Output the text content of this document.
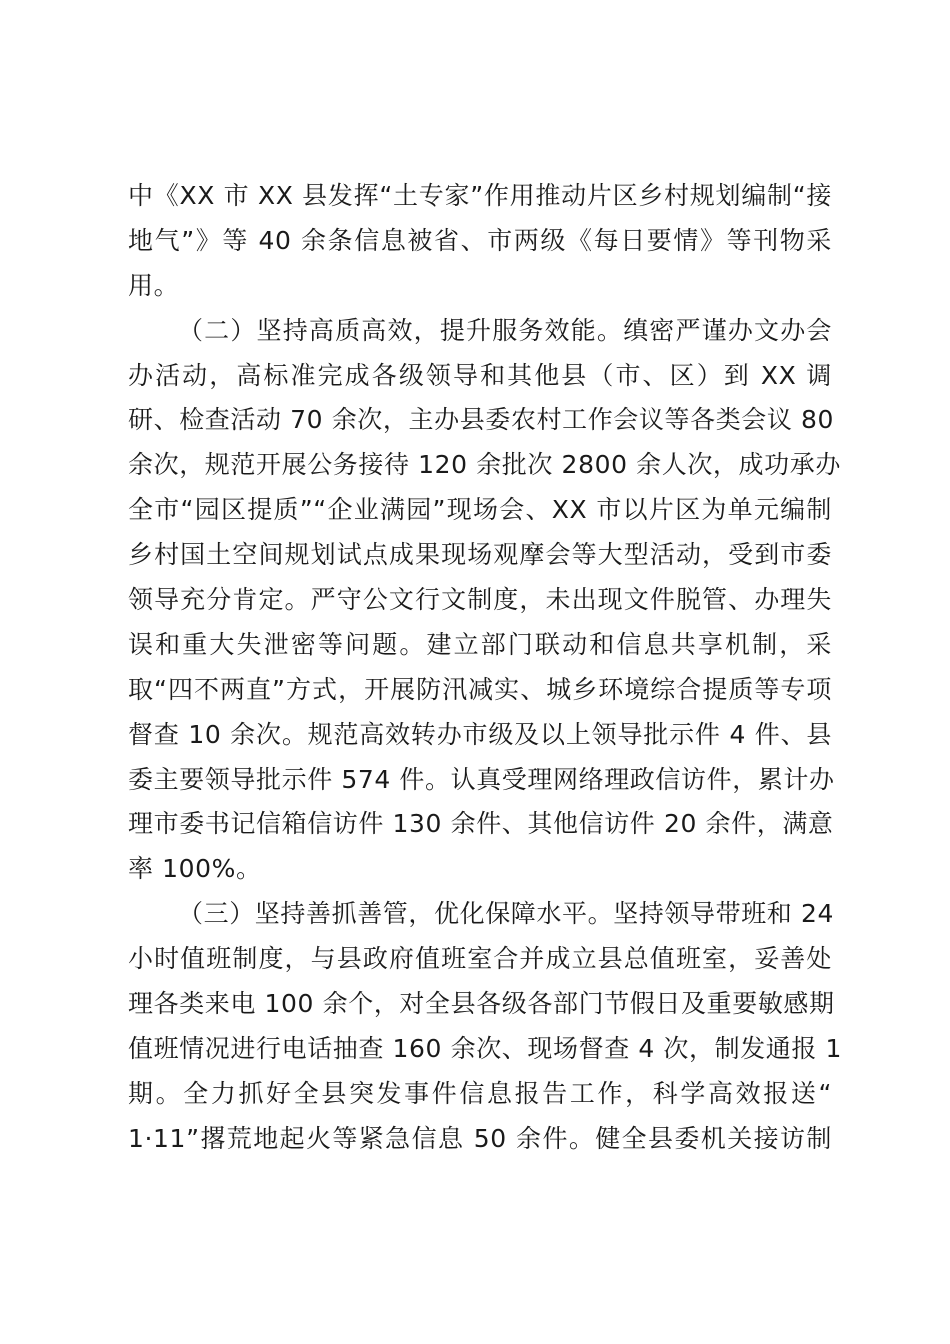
中《XX 市 XX 县发挥“土专家”作用推动片区乡村规划编制“接
地气”》等 40 余条信息被省、市两级《每日要情》等刊物采
用。
（二）坚持高质高效，提升服务效能。缜密严谨办文办会
办活动，高标准完成各级领导和其他县（市、区）到 XX 调
研、检查活动 70 余次，主办县委农村工作会议等各类会议 80
余次，规范开展公务接待 120 余批次 2800 余人次，成功承办
全市“园区提质”“企业满园”现场会、XX 市以片区为单元编制
乡村国土空间规划试点成果现场观摩会等大型活动，受到市委
领导充分肯定。严守公文行文制度，未出现文件脱管、办理失
误和重大失泄密等问题。建立部门联动和信息共享机制，采
取“四不两直”方式，开展防汛减实、城乡环境综合提质等专项
督查 10 余次。规范高效转办市级及以上领导批示件 4 件、县
委主要领导批示件 574 件。认真受理网络理政信访件，累计办
理市委书记信箱信访件 130 余件、其他信访件 20 余件，满意
率 100%。
（三）坚持善抓善管，优化保障水平。坚持领导带班和 24
小时值班制度，与县政府值班室合并成立县总值班室，妥善处
理各类来电 100 余个，对全县各级各部门节假日及重要敏感期
值班情况进行电话抽查 160 余次、现场督查 4 次，制发通报 1
期。全力抓好全县突发事件信息报告工作，科学高效报送“
1·11”撂荒地起火等紧急信息 50 余件。健全县委机关接访制
